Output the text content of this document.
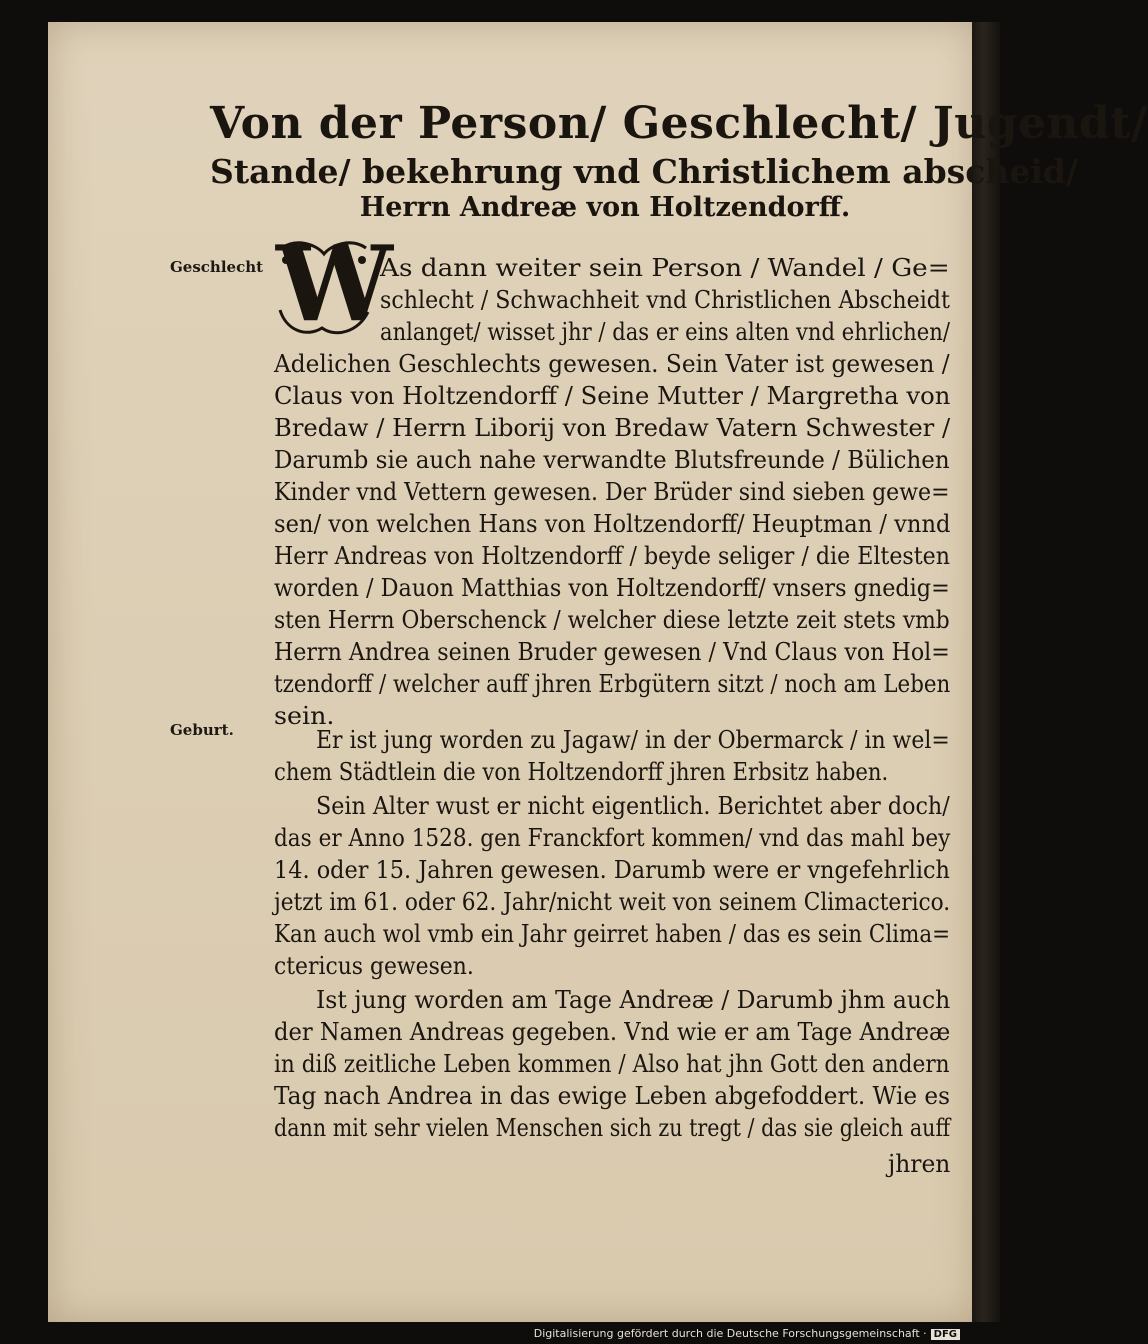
Von der Person/ Geschlecht/ Jugendt/
Stande/ bekehrung vnd Christlichem abscheid/
Herrn Andreæ von Holtzendorff.
Geschlecht
Geburt.
W
As dann weiter sein Person / Wandel / Ge=
schlecht / Schwachheit vnd Christlichen Abscheidt
anlanget/ wisset jhr / das er eins alten vnd ehrlichen/
Adelichen Geschlechts gewesen. Sein Vater ist gewesen /
Claus von Holtzendorff / Seine Mutter / Margretha von
Bredaw / Herrn Liborij von Bredaw Vatern Schwester /
Darumb sie auch nahe verwandte Blutsfreunde / Bülichen
Kinder vnd Vettern gewesen. Der Brüder sind sieben gewe=
sen/ von welchen Hans von Holtzendorff/ Heuptman / vnnd
Herr Andreas von Holtzendorff / beyde seliger / die Eltesten
worden / Dauon Matthias von Holtzendorff/ vnsers gnedig=
sten Herrn Oberschenck / welcher diese letzte zeit stets vmb
Herrn Andrea seinen Bruder gewesen / Vnd Claus von Hol=
tzendorff / welcher auff jhren Erbgütern sitzt / noch am Leben
sein.
Er ist jung worden zu Jagaw/ in der Obermarck / in wel=
chem Städtlein die von Holtzendorff jhren Erbsitz haben.
Sein Alter wust er nicht eigentlich. Berichtet aber doch/
das er Anno 1528. gen Franckfort kommen/ vnd das mahl bey
14. oder 15. Jahren gewesen. Darumb were er vngefehrlich
jetzt im 61. oder 62. Jahr/nicht weit von seinem Climacterico.
Kan auch wol vmb ein Jahr geirret haben / das es sein Clima=
ctericus gewesen.
Ist jung worden am Tage Andreæ / Darumb jhm auch
der Namen Andreas gegeben. Vnd wie er am Tage Andreæ
in diß zeitliche Leben kommen / Also hat jhn Gott den andern
Tag nach Andrea in das ewige Leben abgefoddert. Wie es
dann mit sehr vielen Menschen sich zu tregt / das sie gleich auff
jhren
Digitalisierung gefördert durch die Deutsche Forschungsgemeinschaft · DFG
